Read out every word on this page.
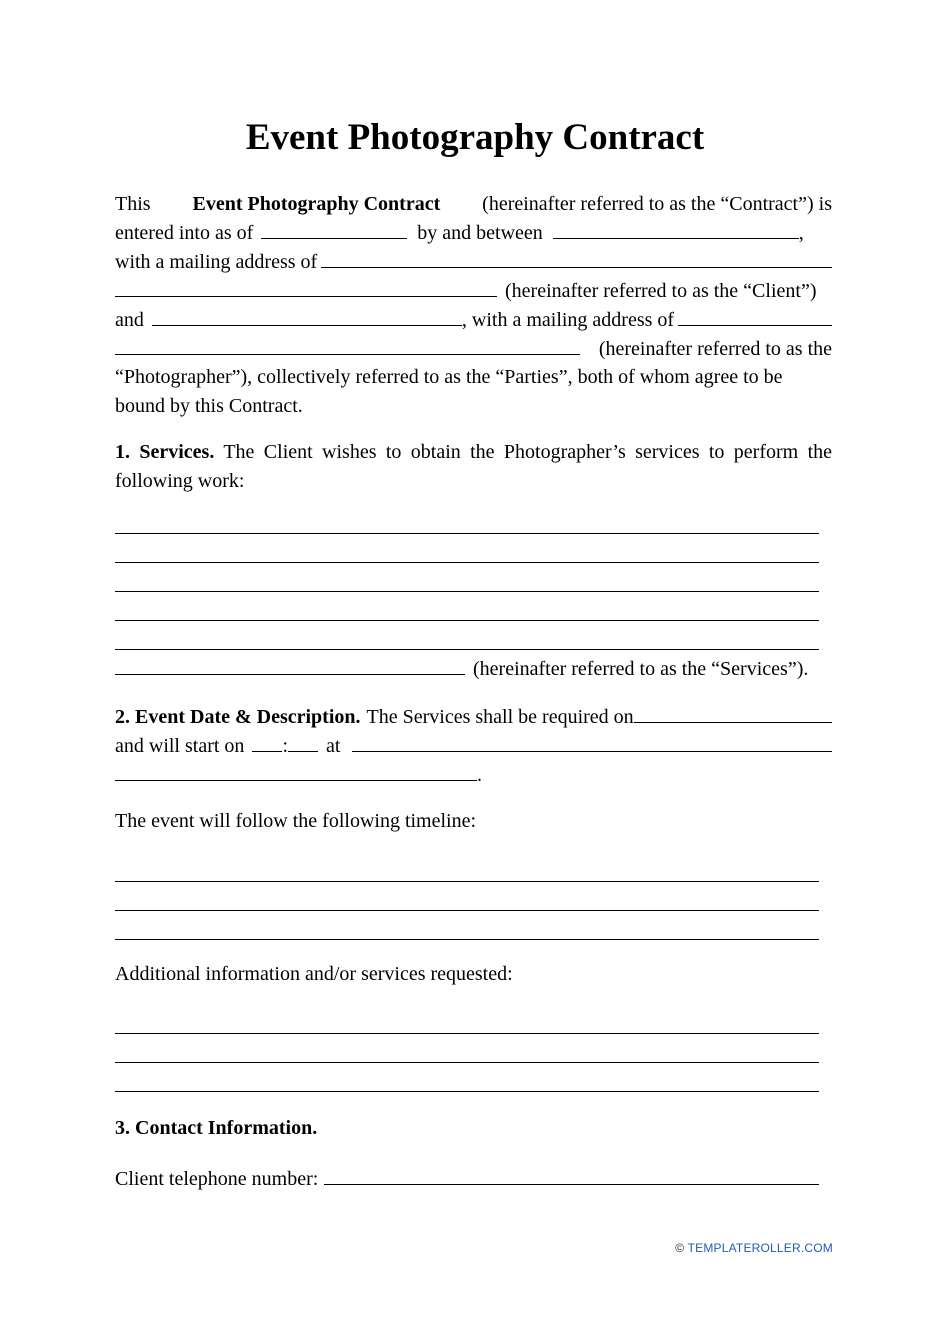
Event Photography Contract
This Event Photography Contract (hereinafter referred to as the “Contract”) is
entered into as of	by and between	,
with a mailing address of
(hereinafter referred to as the “Client”)
and	, with a mailing address of
(hereinafter referred to as the
“Photographer”), collectively referred to as the “Parties”, both of whom agree to be
bound by this Contract.
1. Services. The Client wishes to obtain the Photographer’s services to perform the following work:
(hereinafter referred to as the “Services”).
2. Event Date & Description. The Services shall be required on
and will start on : at
.
The event will follow the following timeline:
Additional information and/or services requested:
3. Contact Information.
Client telephone number:
© TEMPLATEROLLER.COM
